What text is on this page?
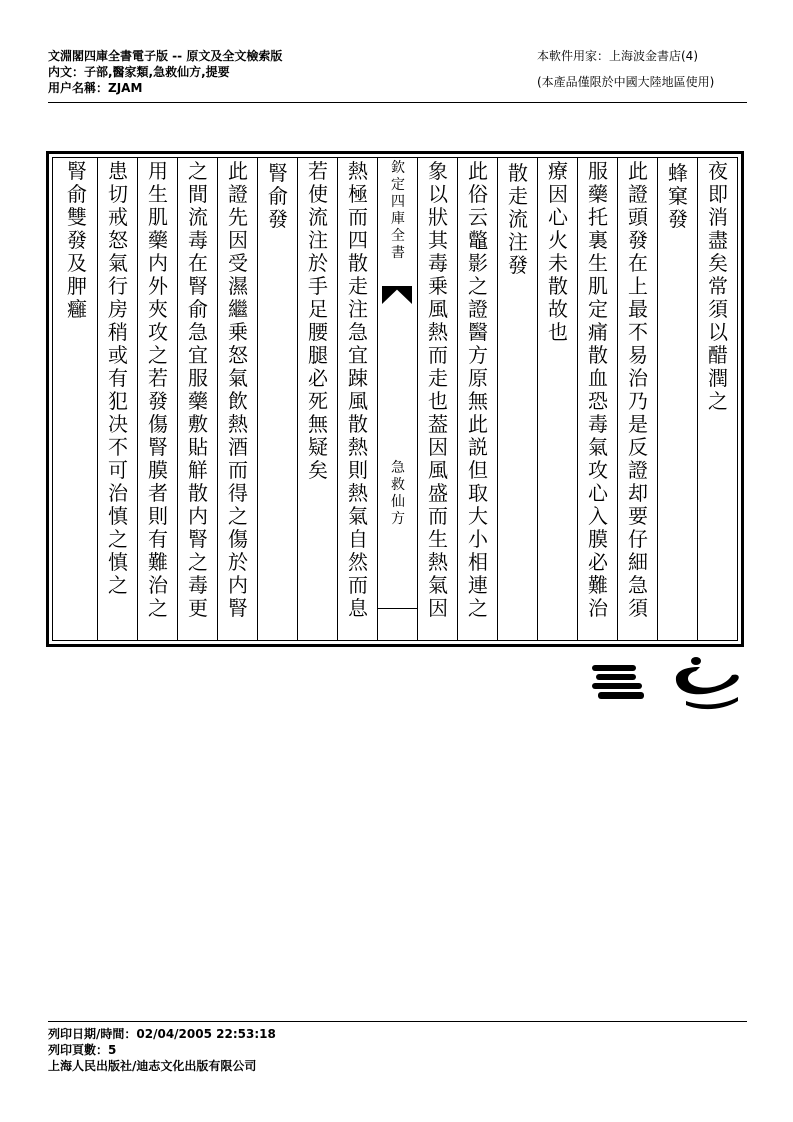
文淵閣四庫全書電子版 -- 原文及全文檢索版
内文：子部,醫家類,急救仙方,提要
用户名稱：ZJAM
本軟件用家：上海波金書店(4)
(本產品僅限於中國大陸地區使用)
夜
即
消
盡
矣
常
須
以
醋
潤
之
蜂
窠
發
此
證
頭
發
在
上
最
不
易
治
乃
是
反
證
却
要
仔
細
急
須
服
藥
托
裏
生
肌
定
痛
散
血
恐
毒
氣
攻
心
入
膜
必
難
治
療
因
心
火
未
散
故
也
散
走
流
注
發
此
俗
云
鼈
影
之
證
醫
方
原
無
此
説
但
取
大
小
相
連
之
象
以
狀
其
毒
乗
風
熱
而
走
也
葢
因
風
盛
而
生
熱
氣
因
欽
定
四
庫
全
書
急
救
仙
方
熱
極
而
四
散
走
注
急
宜
踈
風
散
熱
則
熱
氣
自
然
而
息
若
使
流
注
於
手
足
腰
腿
必
死
無
疑
矣
腎
俞
發
此
證
先
因
受
濕
繼
乗
怒
氣
飲
熱
酒
而
得
之
傷
於
内
腎
之
間
流
毒
在
腎
俞
急
宜
服
藥
敷
貼
觧
散
内
腎
之
毒
更
用
生
肌
藥
内
外
夾
攻
之
若
發
傷
腎
膜
者
則
有
難
治
之
患
切
戒
怒
氣
行
房
稍
或
有
犯
决
不
可
治
慎
之
慎
之
腎
俞
雙
發
及
胛
癰
列印日期/時間：02/04/2005 22:53:18
列印頁數：5
上海人民出版社/迪志文化出版有限公司
